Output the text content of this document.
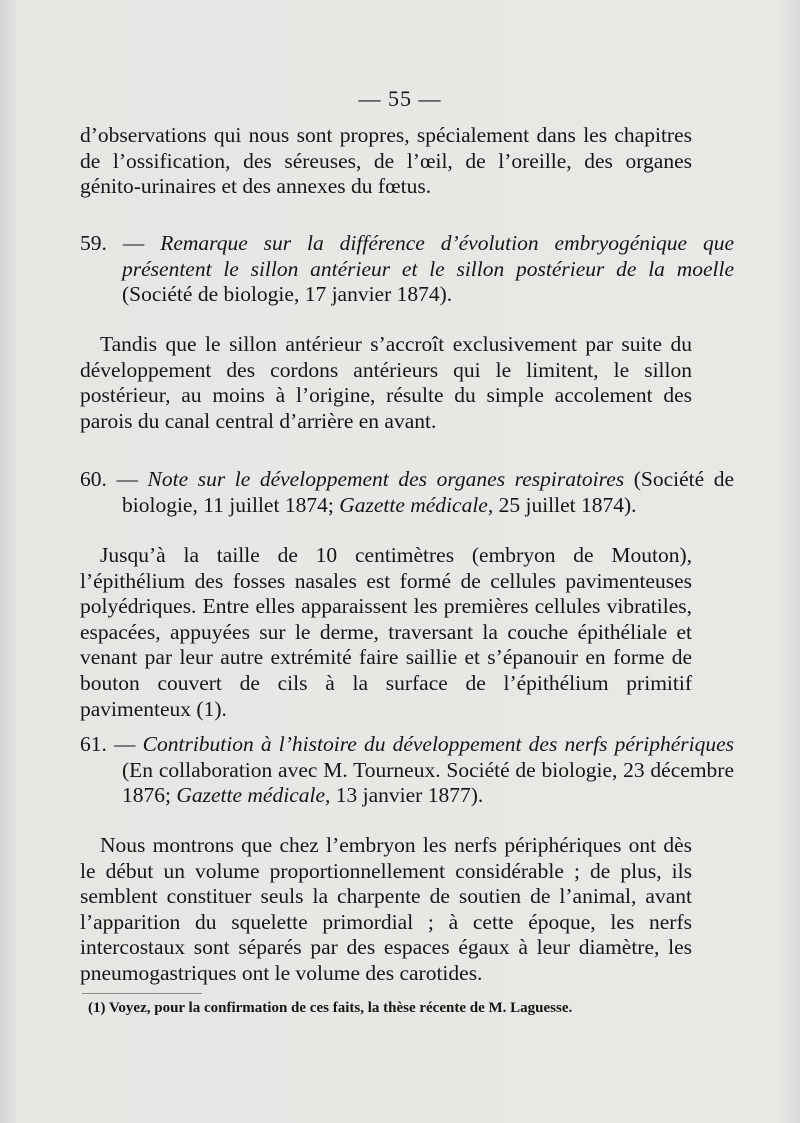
— 55 —

d’observations qui nous sont propres, spécialement dans les chapitres de l’ossification, des séreuses, de l’œil, de l’oreille, des organes génito-urinaires et des annexes du fœtus.

59. — Remarque sur la différence d’évolution embryogénique que présentent le sillon antérieur et le sillon postérieur de la moelle (Société de biologie, 17 janvier 1874).

Tandis que le sillon antérieur s’accroît exclusivement par suite du développement des cordons antérieurs qui le limitent, le sillon postérieur, au moins à l’origine, résulte du simple accolement des parois du canal central d’arrière en avant.

60. — Note sur le développement des organes respiratoires (Société de biologie, 11 juillet 1874; Gazette médicale, 25 juillet 1874).

Jusqu’à la taille de 10 centimètres (embryon de Mouton), l’épithélium des fosses nasales est formé de cellules pavimenteuses polyédriques. Entre elles apparaissent les premières cellules vibratiles, espacées, appuyées sur le derme, traversant la couche épithéliale et venant par leur autre extrémité faire saillie et s’épanouir en forme de bouton couvert de cils à la surface de l’épithélium primitif pavimenteux (1).

61. — Contribution à l’histoire du développement des nerfs périphériques (En collaboration avec M. Tourneux. Société de biologie, 23 décembre 1876; Gazette médicale, 13 janvier 1877).

Nous montrons que chez l’embryon les nerfs périphériques ont dès le début un volume proportionnellement considérable ; de plus, ils semblent constituer seuls la charpente de soutien de l’animal, avant l’apparition du squelette primordial ; à cette époque, les nerfs intercostaux sont séparés par des espaces égaux à leur diamètre, les pneumogastriques ont le volume des carotides.

(1) Voyez, pour la confirmation de ces faits, la thèse récente de M. Laguesse.
